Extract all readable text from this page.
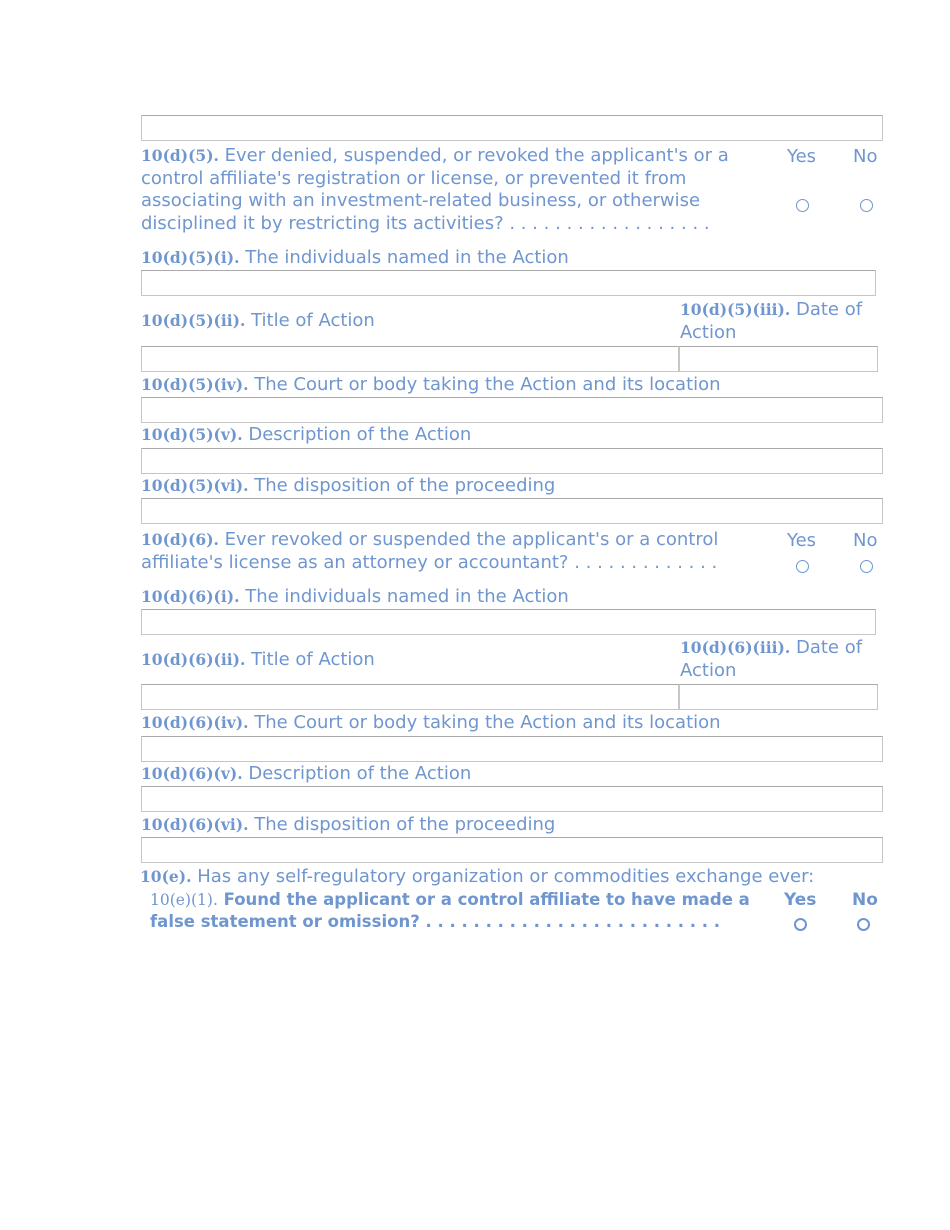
10(d)(5). Ever denied, suspended, or revoked the applicant's or a
control affiliate's registration or license, or prevented it from
associating with an investment-related business, or otherwise
disciplined it by restricting its activities? . . . . . . . . . . . . . . . . . .
Yes No
10(d)(5)(i). The individuals named in the Action
10(d)(5)(ii). Title of Action
10(d)(5)(iii). Date of
Action
10(d)(5)(iv). The Court or body taking the Action and its location
10(d)(5)(v). Description of the Action
10(d)(5)(vi). The disposition of the proceeding
10(d)(6). Ever revoked or suspended the applicant's or a control
affiliate's license as an attorney or accountant? . . . . . . . . . . . . .
Yes No
10(d)(6)(i). The individuals named in the Action
10(d)(6)(ii). Title of Action
10(d)(6)(iii). Date of
Action
10(d)(6)(iv). The Court or body taking the Action and its location
10(d)(6)(v). Description of the Action
10(d)(6)(vi). The disposition of the proceeding
10(e). Has any self-regulatory organization or commodities exchange ever:
10(e)(1). Found the applicant or a control affiliate to have made a
false statement or omission? . . . . . . . . . . . . . . . . . . . . . . . . .
Yes No
